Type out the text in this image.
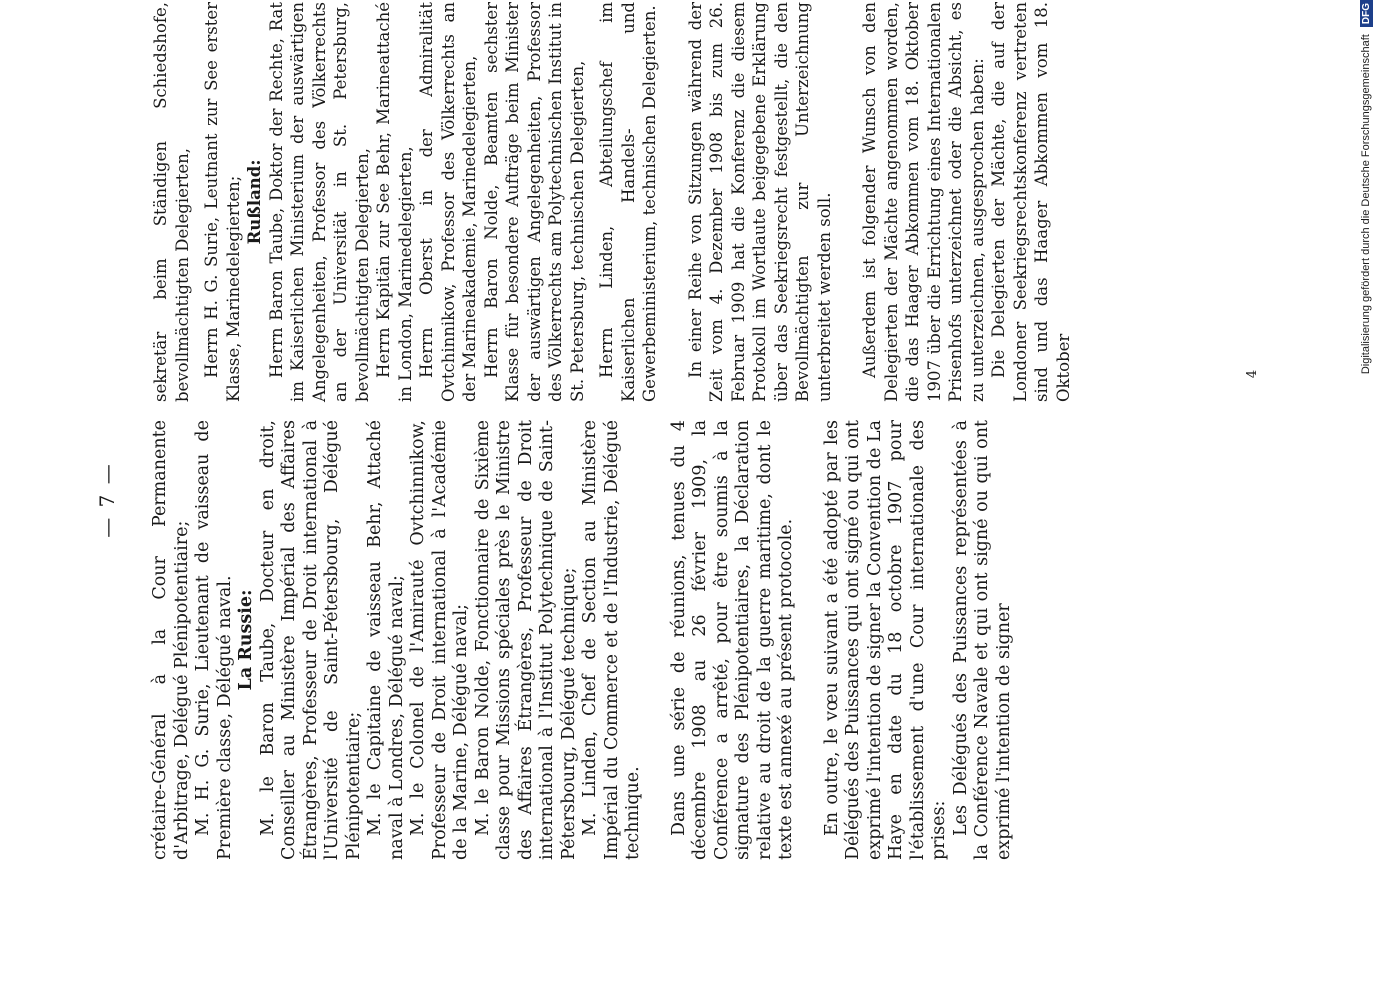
— 7 — crétaire-Général à la Cour Permanente d'Arbitrage, Délégué Plénipotentiaire; M. H. G. Surie, Lieutenant de vaisseau de Première classe, Délégué naval. La Russie: M. le Baron Taube, Docteur en droit, Conseiller au Ministère Impérial des Affaires Étrangères, Professeur de Droit international à l'Université de Saint-Pétersbourg, Délégué Plénipotentiaire; M. le Capitaine de vaisseau Behr, Attaché naval à Londres, Délégué naval; M. le Colonel de l'Amirauté Ovtchinnikow, Professeur de Droit international à l'Académie de la Marine, Délégué naval; M. le Baron Nolde, Fonctionnaire de Sixième classe pour Missions spéciales près le Ministre des Affaires Étrangères, Professeur de Droit international à l'Institut Polytechnique de Saint-Pétersbourg, Délégué technique; M. Linden, Chef de Section au Ministère Impérial du Commerce et de l'Industrie, Délégué technique. Dans une série de réunions, tenues du 4 décembre 1908 au 26 février 1909, la Conférence a arrêté, pour être soumis à la signature des Plénipotentiaires, la Déclaration relative au droit de la guerre maritime, dont le texte est annexé au présent protocole. En outre, le vœu suivant a été adopté par les Délégués des Puissances qui ont signé ou qui ont exprimé l'intention de signer la Convention de La Haye en date du 18 octobre 1907 pour l'établissement d'une Cour internationale des prises: Les Délégués des Puissances représentées à la Conférence Navale et qui ont signé ou qui ont exprimé l'intention de signer

sekretär beim Ständigen Schiedshofe, bevollmächtigten Delegierten, Herrn H. G. Surie, Leutnant zur See erster Klasse, Marinedelegierten; Rußland: Herrn Baron Taube, Doktor der Rechte, Rat im Kaiserlichen Ministerium der auswärtigen Angelegenheiten, Professor des Völkerrechts an der Universität in St. Petersburg, bevollmächtigten Delegierten, Herrn Kapitän zur See Behr, Marineattaché in London, Marinedelegierten, Herrn Oberst in der Admiralität Ovtchinnikow, Professor des Völkerrechts an der Marineakademie, Marinedelegierten, Herrn Baron Nolde, Beamten sechster Klasse für besondere Aufträge beim Minister der auswärtigen Angelegenheiten, Professor des Völkerrechts am Polytechnischen Institut in St. Petersburg, technischen Delegierten, Herrn Linden, Abteilungschef im Kaiserlichen Handels- und Gewerbeministerium, technischen Delegierten. In einer Reihe von Sitzungen während der Zeit vom 4. Dezember 1908 bis zum 26. Februar 1909 hat die Konferenz die diesem Protokoll im Wortlaute beigegebene Erklärung über das Seekriegsrecht festgestellt, die den Bevollmächtigten zur Unterzeichnung unterbreitet werden soll. Außerdem ist folgender Wunsch von den Delegierten der Mächte angenommen worden, die das Haager Abkommen vom 18. Oktober 1907 über die Errichtung eines Internationalen Prisenhofs unterzeichnet oder die Absicht, es zu unterzeichnen, ausgesprochen haben: Die Delegierten der Mächte, die auf der Londoner Seekriegsrechtskonferenz vertreten sind und das Haager Abkommen vom 18. Oktober	4	Digitalisierung gefördert durch die Deutsche Forschungsgemeinschaft DFG
